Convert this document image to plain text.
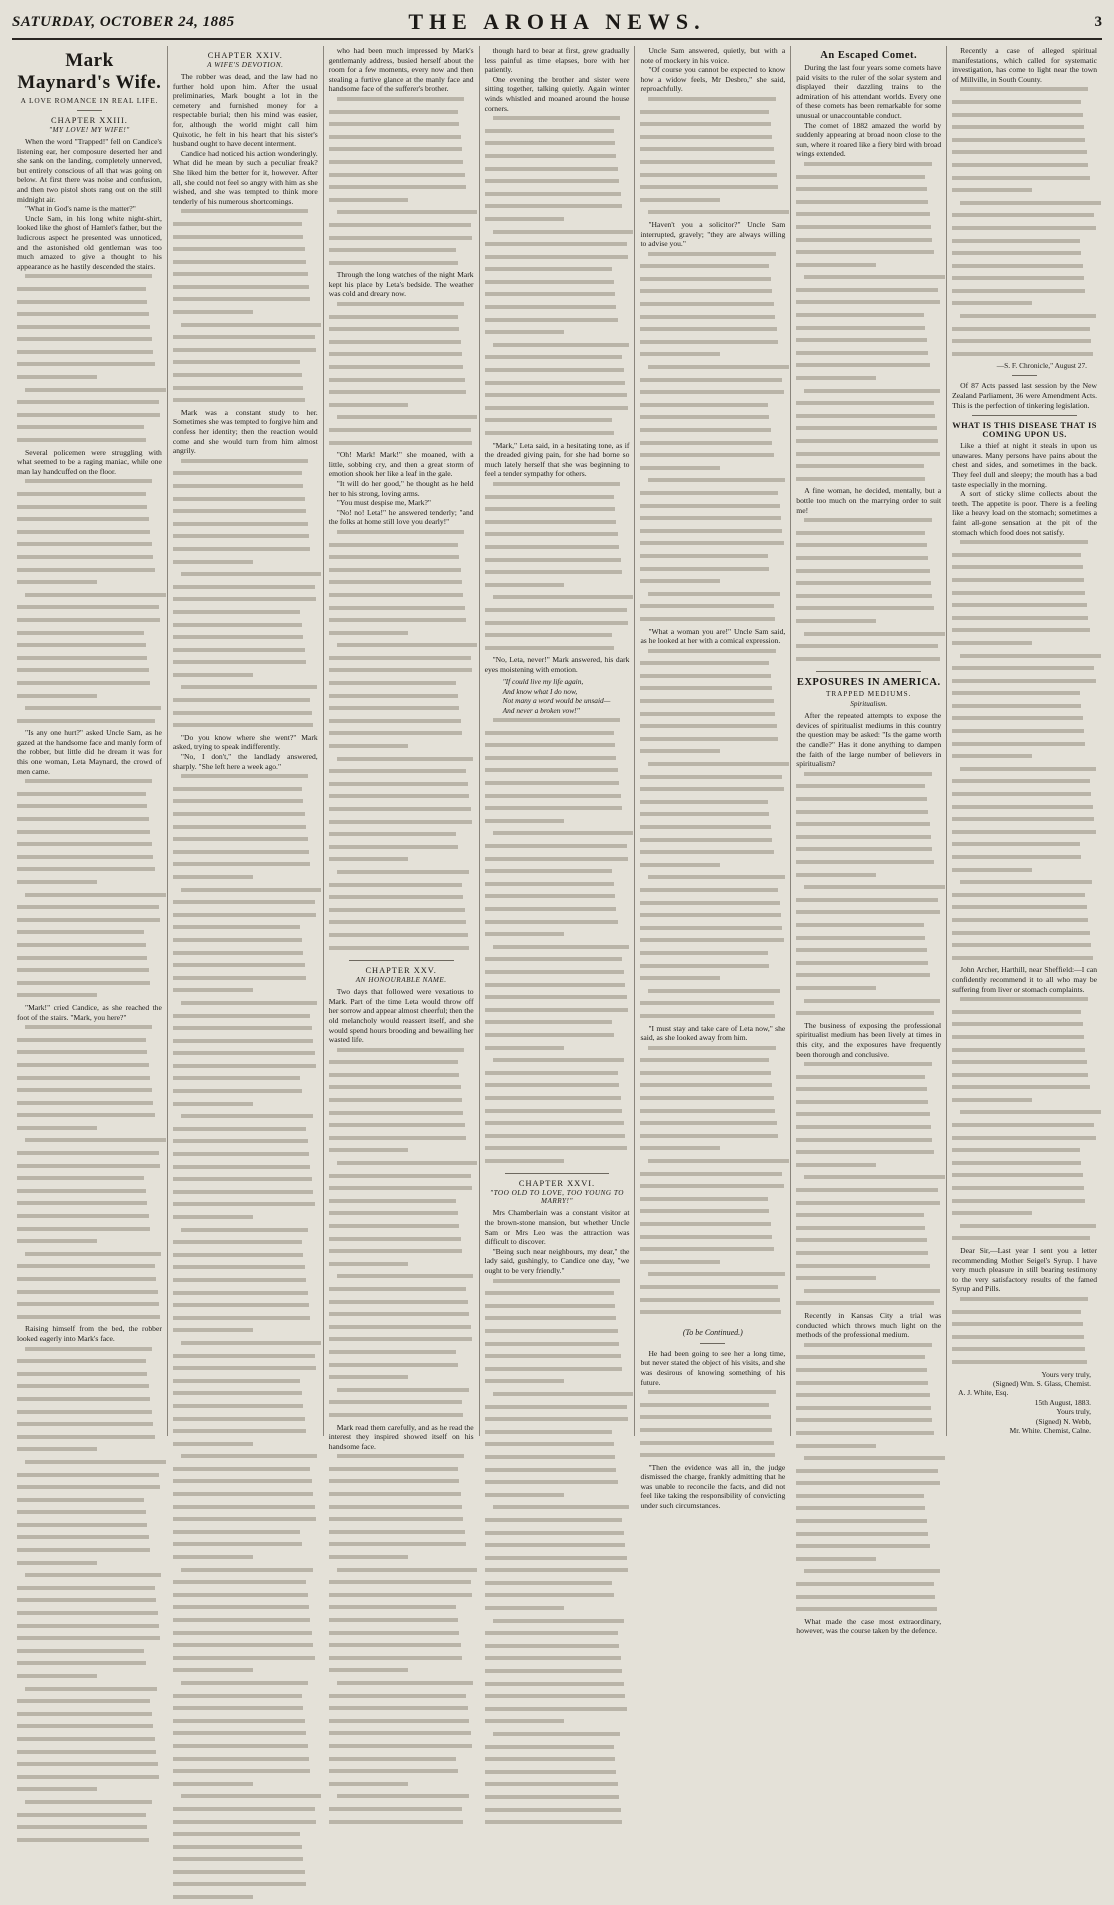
SATURDAY, OCTOBER 24, 1885	THE AROHA NEWS.	3
Mark Maynard's Wife.
A LOVE ROMANCE IN REAL LIFE.
CHAPTER XXIII.
"MY LOVE! MY WIFE!"

When the word "Trapped!" fell on Candice's listening ear, her composure deserted her and she sank on the landing, completely unnerved, but entirely conscious of all that was going on below. At first there was noise and confusion, and then two pistol shots rang out on the still midnight air.

"What in God's name is the matter?"

Uncle Sam, in his long white night-shirt, looked like the ghost of Hamlet's father, but the ludicrous aspect he presented was unnoticed, and the astonished old gentleman was too much amazed to give a thought to his appearance as he hastily descended the stairs.

Several policemen were struggling with what seemed to be a raging maniac, while one man lay handcuffed on the floor.

"Is any one hurt?" asked Uncle Sam, as he gazed at the handsome face and manly form of the robber, but little did he dream it was for this one woman, Leta Maynard, the crowd of men came.

"Mark!" cried Candice, as she reached the foot of the stairs. "Mark, you here?"

Raising himself from the bed, the robber looked eagerly into Mark's face.

CHAPTER XXIV.
A WIFE'S DEVOTION.

The robber was dead, and the law had no further hold upon him. After the usual preliminaries, Mark bought a lot in the cemetery and furnished money for a respectable burial; then his mind was easier, for, although the world might call him Quixotic, he felt in his heart that his sister's husband ought to have decent interment.

Candice had noticed his action wonderingly. What did he mean by such a peculiar freak? She liked him the better for it, however. After all, she could not feel so angry with him as she wished, and she was tempted to think more tenderly of his numerous shortcomings.

Mark was a constant study to her. Sometimes she was tempted to forgive him and confess her identity; then the reaction would come and she would turn from him almost angrily.

"Do you know where she went?" Mark asked, trying to speak indifferently.

"No, I don't," the landlady answered, sharply. "She left here a week ago."

who had been much impressed by Mark's gentlemanly address, busied herself about the room for a few moments, every now and then stealing a furtive glance at the manly face and handsome face of the sufferer's brother.

Through the long watches of the night Mark kept his place by Leta's bedside. The weather was cold and dreary now.

"Oh! Mark! Mark!" she moaned, with a little, sobbing cry, and then a great storm of emotion shook her like a leaf in the gale.

"It will do her good," he thought as he held her to his strong, loving arms.

"You must despise me, Mark?"

"No! no! Leta!" he answered tenderly; "and the folks at home still love you dearly!"

CHAPTER XXV.
AN HONOURABLE NAME.

Two days that followed were vexatious to Mark. Part of the time Leta would throw off her sorrow and appear almost cheerful; then the old melancholy would reassert itself, and she would spend hours brooding and bewailing her wasted life.

Mark read them carefully, and as he read the interest they inspired showed itself on his handsome face.

though hard to bear at first, grew gradually less painful as time elapses, bore with her patiently.

One evening the brother and sister were sitting together, talking quietly. Again winter winds whistled and moaned around the house corners.

"Mark," Leta said, in a hesitating tone, as if the dreaded giving pain, for she had borne so much lately herself that she was beginning to feel a tender sympathy for others.

"No, Leta, never!" Mark answered, his dark eyes moistening with emotion.

"If could live my life again,
And know what I do now,
Not many a word would be unsaid—
And never a broken vow!"
CHAPTER XXVI.
"TOO OLD TO LOVE, TOO YOUNG TO MARRY!"

Mrs Chamberlain was a constant visitor at the brown-stone mansion, but whether Uncle Sam or Mrs Leo was the attraction was difficult to discover.

"Being such near neighbours, my dear," the lady said, gushingly, to Candice one day, "we ought to be very friendly."

Uncle Sam answered, quietly, but with a note of mockery in his voice.

"Of course you cannot be expected to know how a widow feels, Mr Desbro," she said, reproachfully.

"Haven't you a solicitor?" Uncle Sam interrupted, gravely; "they are always willing to advise you."

"What a woman you are!" Uncle Sam said, as he looked at her with a comical expression.

"I must stay and take care of Leta now," she said, as she looked away from him.

(To be Continued.)

He had been going to see her a long time, but never stated the object of his visits, and she was desirous of knowing something of his future.

"Then the evidence was all in, the judge dismissed the charge, frankly admitting that he was unable to reconcile the facts, and did not feel like taking the responsibility of convicting under such circumstances.

An Escaped Comet.

During the last four years some comets have paid visits to the ruler of the solar system and displayed their dazzling trains to the admiration of his attendant worlds. Every one of these comets has been remarkable for some unusual or unaccountable conduct.

The comet of 1882 amazed the world by suddenly appearing at broad noon close to the sun, where it roared like a fiery bird with broad wings extended.

A fine woman, he decided, mentally, but a bottle too much on the marrying order to suit me!

EXPOSURES IN AMERICA.
TRAPPED MEDIUMS.
Spiritualism.

After the repeated attempts to expose the devices of spiritualist mediums in this country the question may be asked: "Is the game worth the candle?" Has it done anything to dampen the faith of the large number of believers in spiritualism?

The business of exposing the professional spiritualist medium has been lively at times in this city, and the exposures have frequently been thorough and conclusive.

Recently in Kansas City a trial was conducted which throws much light on the methods of the professional medium.

What made the case most extraordinary, however, was the course taken by the defence.

Recently a case of alleged spiritual manifestations, which called for systematic investigation, has come to light near the town of Millville, in South County.

—S. F. Chronicle," August 27.

Of 87 Acts passed last session by the New Zealand Parliament, 36 were Amendment Acts. This is the perfection of tinkering legislation.

WHAT IS THIS DISEASE THAT IS COMING UPON US.

Like a thief at night it steals in upon us unawares. Many persons have pains about the chest and sides, and sometimes in the back. They feel dull and sleepy; the mouth has a bad taste especially in the morning.

A sort of sticky slime collects about the teeth. The appetite is poor. There is a feeling like a heavy load on the stomach; sometimes a faint all-gone sensation at the pit of the stomach which food does not satisfy.

John Archer, Harthill, near Sheffield:—I can confidently recommend it to all who may be suffering from liver or stomach complaints.

Dear Sir,—Last year I sent you a letter recommending Mother Seigel's Syrup. I have very much pleasure in still bearing testimony to the very satisfactory results of the famed Syrup and Pills.

Yours very truly,
(Signed) Wm. S. Glass, Chemist.
A. J. White, Esq.
15th August, 1883.
Yours truly,
(Signed) N. Webb,
Mr. White. Chemist, Calne.
